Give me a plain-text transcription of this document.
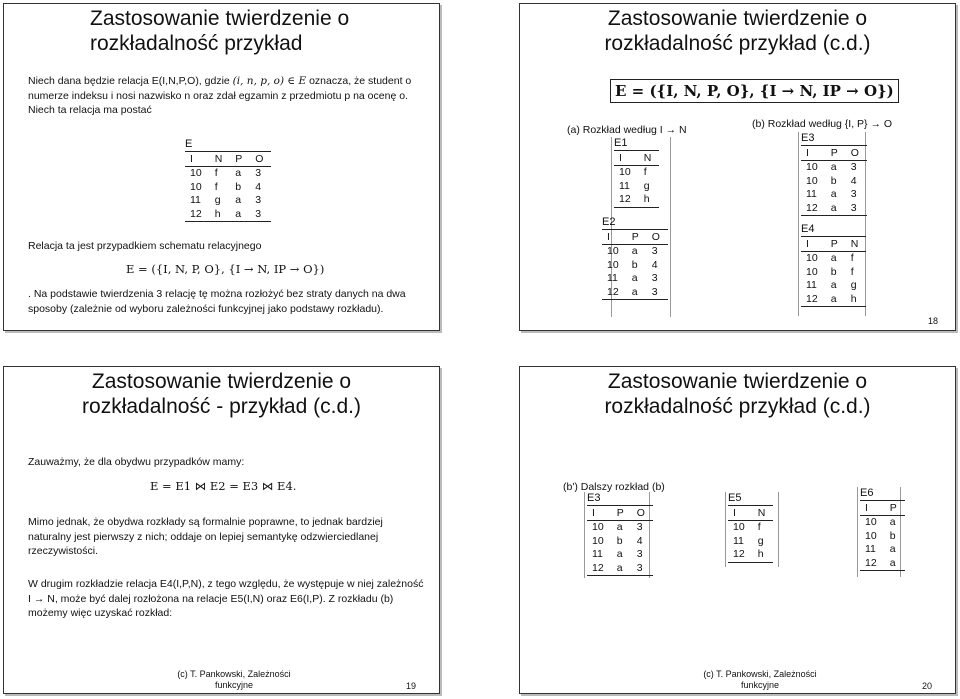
Zastosowanie twierdzenie o
rozkładalność przykład
Niech dana będzie relacja E(I,N,P,O), gdzie (i, n, p, o) ∈ E oznacza, że student o numerze indeksu i nosi nazwisko n oraz zdał egzamin z przedmiotu p na ocenę o. Niech ta relacja ma postać
E
I	N	P	O
10	f	a	3
10	f	b	4
11	g	a	3
12	h	a	3
Relacja ta jest przypadkiem schematu relacyjnego
E = ({I, N, P, O}, {I → N, IP → O})
. Na podstawie twierdzenia 3 relację tę można rozłożyć bez straty danych na dwa sposoby (zależnie od wyboru zależności funkcyjnej jako podstawy rozkładu).
Zastosowanie twierdzenie o
rozkładalność przykład (c.d.)
E = ({I, N, P, O}, {I → N, IP → O})
(a) Rozkład według I → N	(b) Rozkład według {I, P} → O
E1
I	N
10	f
11	g
12	h
E2
I	P	O
10	a	3
10	b	4
11	a	3
12	a	3
E3
I	P	O
10	a	3
10	b	4
11	a	3
12	a	3
E4
I	P	N
10	a	f
10	b	f
11	a	g
12	a	h
18
Zastosowanie twierdzenie o
rozkładalność - przykład (c.d.)
Zauważmy, że dla obydwu przypadków mamy:
E = E1 ⋈ E2 = E3 ⋈ E4.
Mimo jednak, że obydwa rozkłady są formalnie poprawne, to jednak bardziej naturalny jest pierwszy z nich; oddaje on lepiej semantykę odzwierciedlanej rzeczywistości.
W drugim rozkładzie relacja E4(I,P,N), z tego względu, że występuje w niej zależność I → N, może być dalej rozłożona na relacje E5(I,N) oraz E6(I,P). Z rozkładu (b) możemy więc uzyskać rozkład:
(c) T. Pankowski, Zależności
funkcyjne	19
Zastosowanie twierdzenie o
rozkładalność przykład (c.d.)
(b') Dalszy rozkład (b)
E3
I	P	O
10	a	3
10	b	4
11	a	3
12	a	3
E5
I	N
10	f
11	g
12	h
E6
I	P
10	a
10	b
11	a
12	a
(c) T. Pankowski, Zależności
funkcyjne	20
